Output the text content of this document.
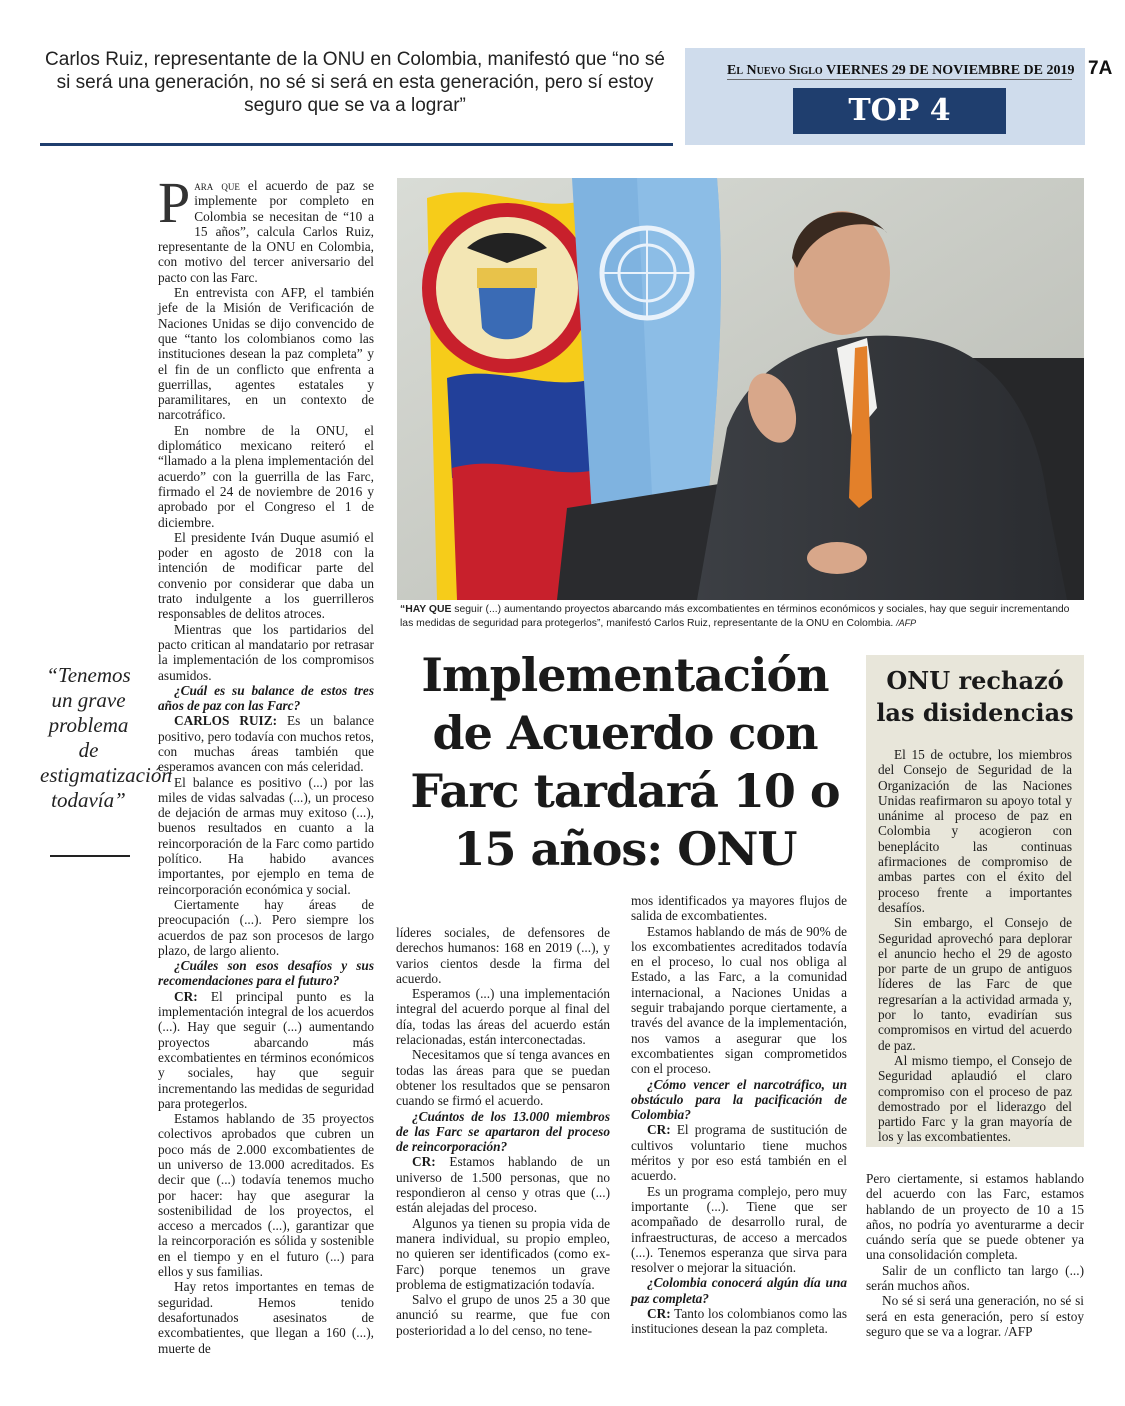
Carlos Ruiz, representante de la ONU en Colombia, manifestó que “no sé si será una generación, no sé si será en esta generación, pero sí estoy seguro que se va a lograr”
El Nuevo Siglo VIERNES 29 DE NOVIEMBRE DE 2019 7A
TOP 4

Para que el acuerdo de paz se implemente por completo en Colombia se necesitan de “10 a 15 años”, calcula Carlos Ruiz, representante de la ONU en Colombia, con motivo del tercer aniversario del pacto con las Farc.

En entrevista con AFP, el también jefe de la Misión de Verificación de Naciones Unidas se dijo convencido de que “tanto los colombianos como las instituciones desean la paz completa” y el fin de un conflicto que enfrenta a guerrillas, agentes estatales y paramilitares, en un contexto de narcotráfico.

En nombre de la ONU, el diplomático mexicano reiteró el “llamado a la plena implementación del acuerdo” con la guerrilla de las Farc, firmado el 24 de noviembre de 2016 y aprobado por el Congreso el 1 de diciembre.

El presidente Iván Duque asumió el poder en agosto de 2018 con la intención de modificar parte del convenio por considerar que daba un trato indulgente a los guerrilleros responsables de delitos atroces.

Mientras que los partidarios del pacto critican al mandatario por retrasar la implementación de los compromisos asumidos.

¿Cuál es su balance de estos tres años de paz con las Farc?

CARLOS RUIZ: Es un balance positivo, pero todavía con muchos retos, con muchas áreas también que esperamos avancen con más celeridad.

El balance es positivo (...) por las miles de vidas salvadas (...), un proceso de dejación de armas muy exitoso (...), buenos resultados en cuanto a la reincorporación de la Farc como partido político. Ha habido avances importantes, por ejemplo en tema de reincorporación económica y social.

Ciertamente hay áreas de preocupación (...). Pero siempre los acuerdos de paz son procesos de largo plazo, de largo aliento.

¿Cuáles son esos desafíos y sus recomendaciones para el futuro?

CR: El principal punto es la implementación integral de los acuerdos (...). Hay que seguir (...) aumentando proyectos abarcando más excombatientes en términos económicos y sociales, hay que seguir incrementando las medidas de seguridad para protegerlos.

Estamos hablando de 35 proyectos colectivos aprobados que cubren un poco más de 2.000 excombatientes de un universo de 13.000 acreditados. Es decir que (...) todavía tenemos mucho por hacer: hay que asegurar la sostenibilidad de los proyectos, el acceso a mercados (...), garantizar que la reincorporación es sólida y sostenible en el tiempo y en el futuro (...) para ellos y sus familias.

Hay retos importantes en temas de seguridad. Hemos tenido desafortunados asesinatos de excombatientes, que llegan a 160 (...), muerte de

“Tenemos un grave problema de estigmatización todavía”
“HAY QUE seguir (...) aumentando proyectos abarcando más excombatientes en términos económicos y sociales, hay que seguir incrementando las medidas de seguridad para protegerlos”, manifestó Carlos Ruiz, representante de la ONU en Colombia. /AFP
Implementación de Acuerdo con Farc tardará 10 o 15 años: ONU

líderes sociales, de defensores de derechos humanos: 168 en 2019 (...), y varios cientos desde la firma del acuerdo.

Esperamos (...) una implementación integral del acuerdo porque al final del día, todas las áreas del acuerdo están relacionadas, están interconectadas.

Necesitamos que sí tenga avances en todas las áreas para que se puedan obtener los resultados que se pensaron cuando se firmó el acuerdo.

¿Cuántos de los 13.000 miembros de las Farc se apartaron del proceso de reincorporación?

CR: Estamos hablando de un universo de 1.500 personas, que no respondieron al censo y otras que (...) están alejadas del proceso.

Algunos ya tienen su propia vida de manera individual, su propio empleo, no quieren ser identificados (como ex-Farc) porque tenemos un grave problema de estigmatización todavía.

Salvo el grupo de unos 25 a 30 que anunció su rearme, que fue con posterioridad a lo del censo, no tene-

mos identificados ya mayores flujos de salida de excombatientes.

Estamos hablando de más de 90% de los excombatientes acreditados todavía en el proceso, lo cual nos obliga al Estado, a las Farc, a la comunidad internacional, a Naciones Unidas a seguir trabajando porque ciertamente, a través del avance de la implementación, nos vamos a asegurar que los excombatientes sigan comprometidos con el proceso.

¿Cómo vencer el narcotráfico, un obstáculo para la pacificación de Colombia?

CR: El programa de sustitución de cultivos voluntario tiene muchos méritos y por eso está también en el acuerdo.

Es un programa complejo, pero muy importante (...). Tiene que ser acompañado de desarrollo rural, de infraestructuras, de acceso a mercados (...). Tenemos esperanza que sirva para resolver o mejorar la situación.

¿Colombia conocerá algún día una paz completa?

CR: Tanto los colombianos como las instituciones desean la paz completa.

ONU rechazó las disidencias

El 15 de octubre, los miembros del Consejo de Seguridad de la Organización de las Naciones Unidas reafirmaron su apoyo total y unánime al proceso de paz en Colombia y acogieron con beneplácito las continuas afirmaciones de compromiso de ambas partes con el éxito del proceso frente a importantes desafíos.

Sin embargo, el Consejo de Seguridad aprovechó para deplorar el anuncio hecho el 29 de agosto por parte de un grupo de antiguos líderes de las Farc de que regresarían a la actividad armada y, por lo tanto, evadirían sus compromisos en virtud del acuerdo de paz.

Al mismo tiempo, el Consejo de Seguridad aplaudió el claro compromiso con el proceso de paz demostrado por el liderazgo del partido Farc y la gran mayoría de los y las excombatientes.

Pero ciertamente, si estamos hablando del acuerdo con las Farc, estamos hablando de un proyecto de 10 a 15 años, no podría yo aventurarme a decir cuándo sería que se puede obtener ya una consolidación completa.

Salir de un conflicto tan largo (...) serán muchos años.

No sé si será una generación, no sé si será en esta generación, pero sí estoy seguro que se va a lograr. /AFP
